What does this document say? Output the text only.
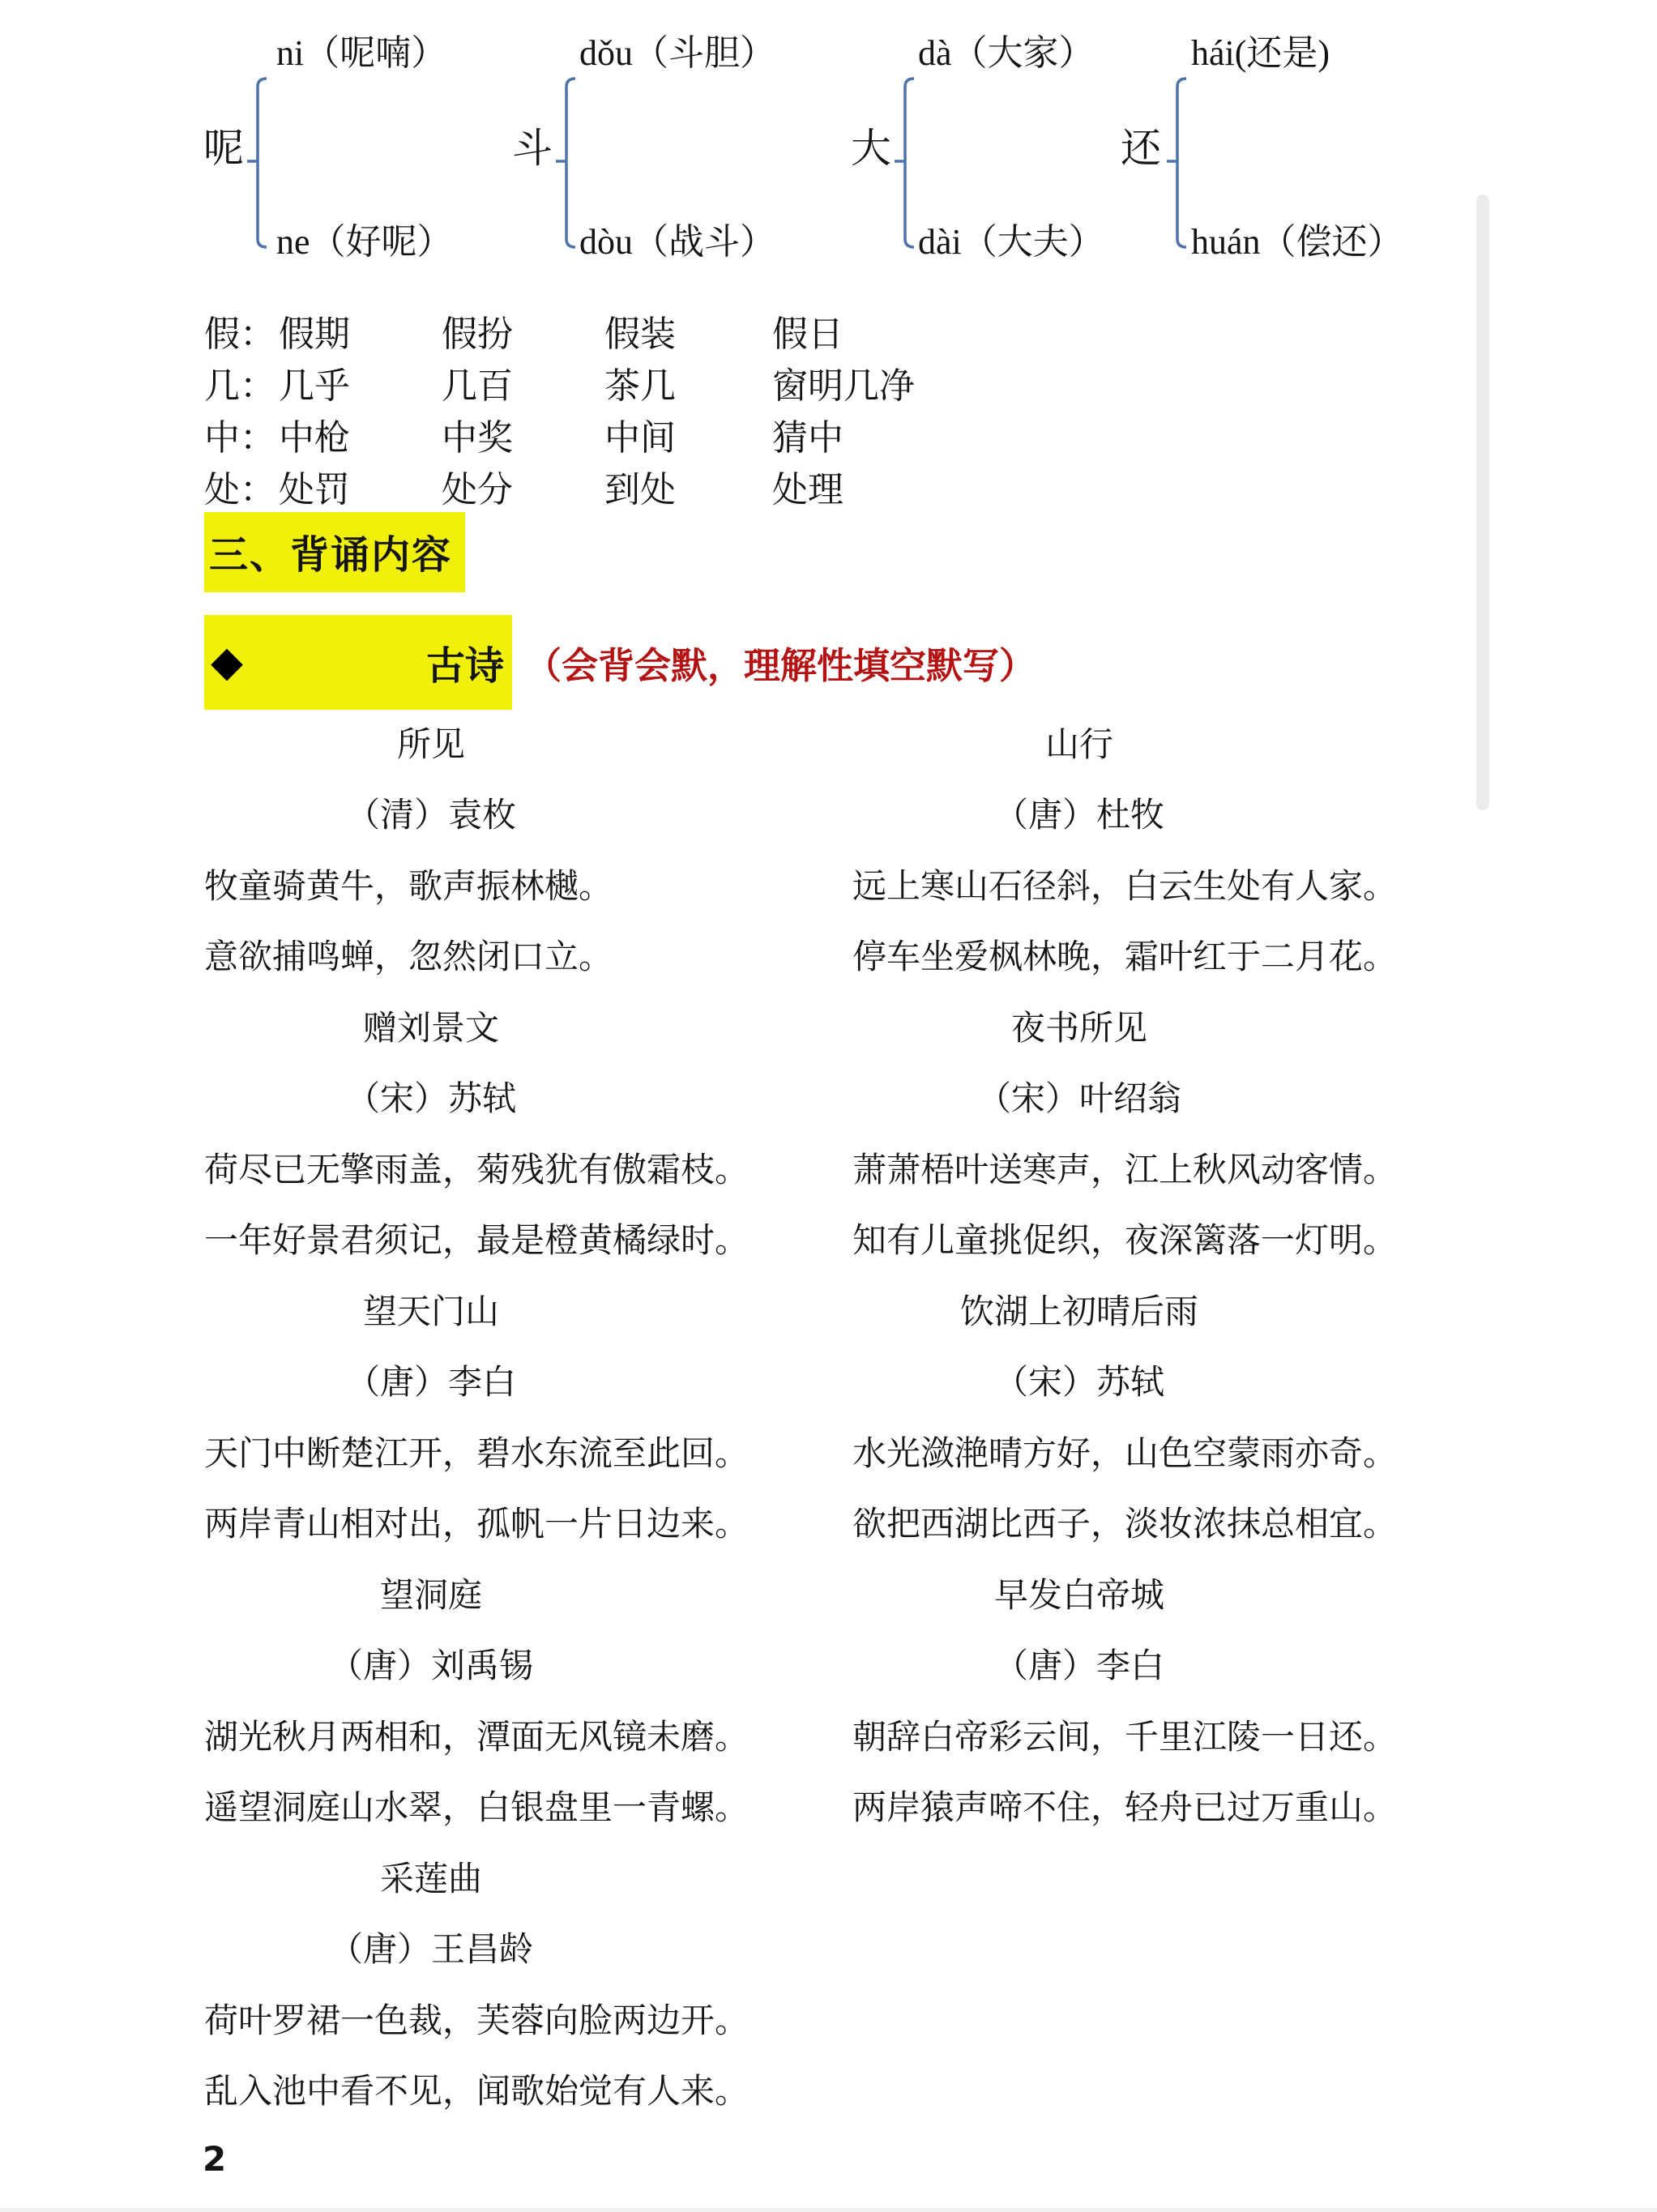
呢
ni（呢喃）
ne（好呢）
斗
dǒu（斗胆）
dòu（战斗）
大
dà（大家）
dài（大夫）
还
hái(还是)
huán（偿还）
假： 假期	假扮	假装	假日
几： 几乎	几百	茶几	窗明几净
中： 中枪	中奖	中间	猜中
处： 处罚	处分	到处	处理
三、背诵内容
◆	古诗 （会背会默，理解性填空默写）
所见
（清）袁枚
牧童骑黄牛，歌声振林樾。
意欲捕鸣蝉，忽然闭口立。
赠刘景文
（宋）苏轼
荷尽已无擎雨盖，菊残犹有傲霜枝。
一年好景君须记，最是橙黄橘绿时。
望天门山
（唐）李白
天门中断楚江开，碧水东流至此回。
两岸青山相对出，孤帆一片日边来。
望洞庭
（唐）刘禹锡
湖光秋月两相和，潭面无风镜未磨。
遥望洞庭山水翠，白银盘里一青螺。
采莲曲
（唐）王昌龄
荷叶罗裙一色裁，芙蓉向脸两边开。
乱入池中看不见，闻歌始觉有人来。
山行
（唐）杜牧
远上寒山石径斜，白云生处有人家。
停车坐爱枫林晚，霜叶红于二月花。
夜书所见
（宋）叶绍翁
萧萧梧叶送寒声，江上秋风动客情。
知有儿童挑促织，夜深篱落一灯明。
饮湖上初晴后雨
（宋）苏轼
水光潋滟晴方好，山色空蒙雨亦奇。
欲把西湖比西子，淡妆浓抹总相宜。
早发白帝城
（唐）李白
朝辞白帝彩云间，千里江陵一日还。
两岸猿声啼不住，轻舟已过万重山。
2
